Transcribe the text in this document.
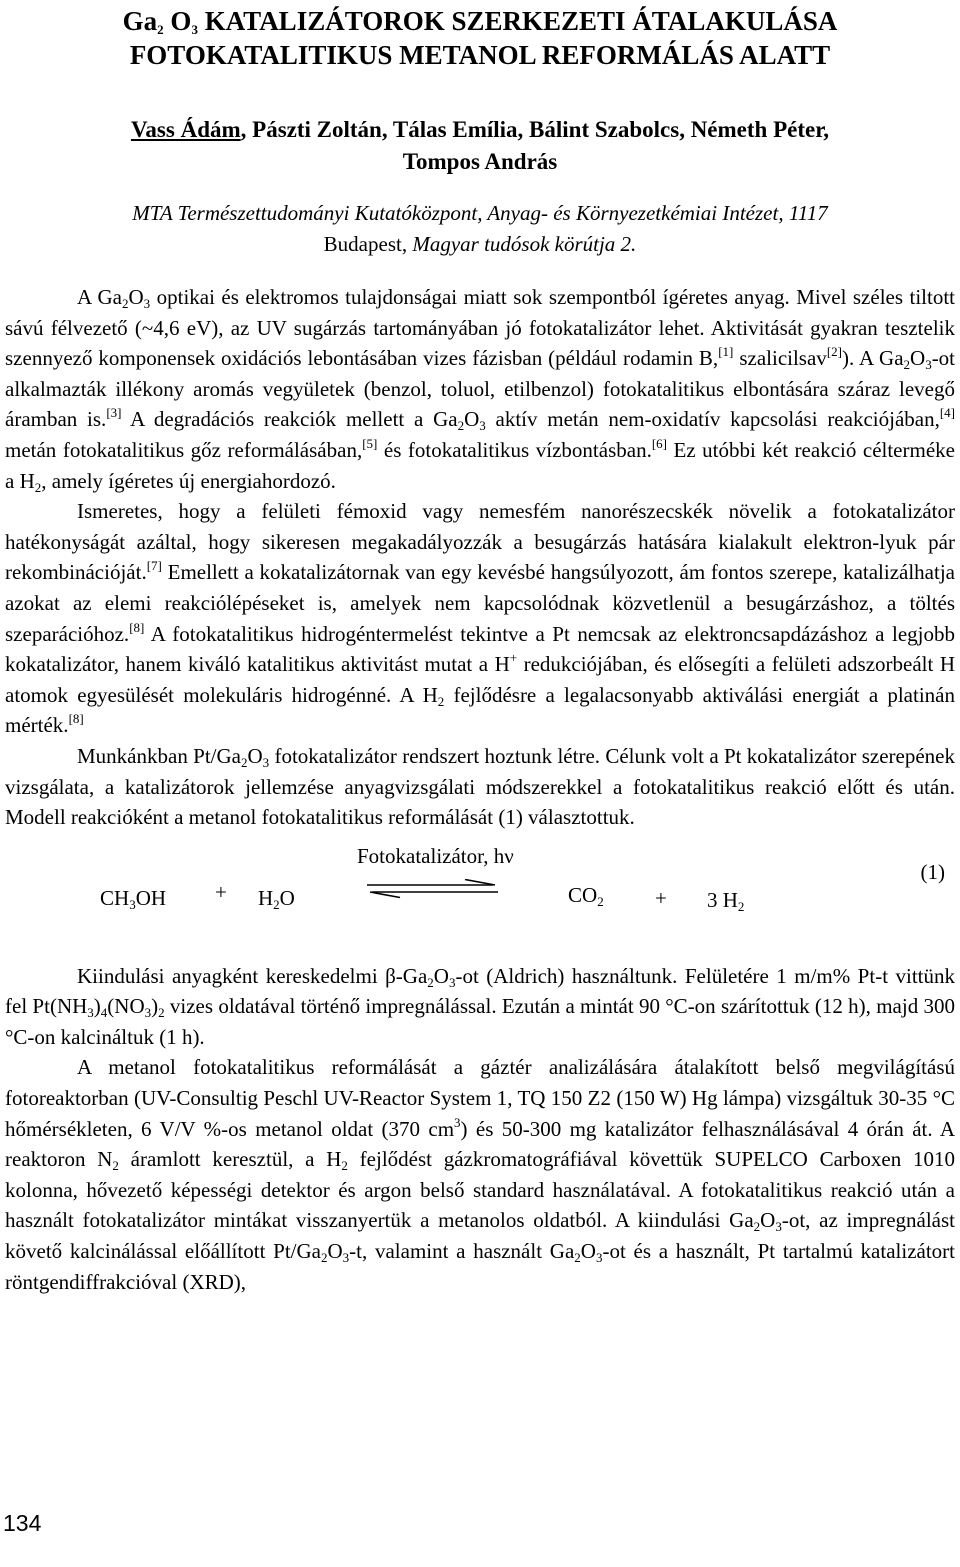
$Ga_2$ $O_3$ KATALIZÁTOROK SZERKEZETI ÁTALAKULÁSA
FOTOKATALITIKUS METANOL REFORMÁLÁS ALATT
Vass Ádám, Pászti Zoltán, Tálas Emília, Bálint Szabolcs, Németh Péter,
Tompos András
MTA Természettudományi Kutatóközpont, Anyag- és Környezetkémiai Intézet, 1117
Budapest, Magyar tudósok körútja 2.

A $Ga_2O_3$ optikai és elektromos tulajdonságai miatt sok szempontból ígéretes anyag. Mivel széles tiltott sávú félvezető (~4,6 eV), az UV sugárzás tartományában jó fotokatalizátor lehet. Aktivitását gyakran tesztelik szennyező komponensek oxidációs lebontásában vizes fázisban (például rodamin B,[1] szalicilsav[2]). A $Ga_2O_3-ot$ alkalmazták illékony aromás vegyületek (benzol, toluol, etilbenzol) fotokatalitikus elbontására száraz levegő áramban is.[3] A degradációs reakciók mellett a $Ga_2O_3$ aktív metán nem-oxidatív kapcsolási reakciójában,[4] metán fotokatalitikus gőz reformálásában,[5] és fotokatalitikus vízbontásban.[6] Ez utóbbi két reakció célterméke a $H_2$, amely ígéretes új energiahordozó.

Ismeretes, hogy a felületi fémoxid vagy nemesfém nanorészecskék növelik a fotokatalizátor hatékonyságát azáltal, hogy sikeresen megakadályozzák a besugárzás hatására kialakult elektron-lyuk pár rekombinációját.[7] Emellett a kokatalizátornak van egy kevésbé hangsúlyozott, ám fontos szerepe, katalizálhatja azokat az elemi reakciólépéseket is, amelyek nem kapcsolódnak közvetlenül a besugárzáshoz, a töltés szeparációhoz.[8] A fotokatalitikus hidrogéntermelést tekintve a Pt nemcsak az elektroncsapdázáshoz a legjobb kokatalizátor, hanem kiváló katalitikus aktivitást mutat a H+ redukciójában, és elősegíti a felületi adszorbeált H atomok egyesülését molekuláris hidrogénné. A $H_2$ fejlődésre a legalacsonyabb aktiválási energiát a platinán mérték.[8]

Munkánkban $Pt/Ga_2O_3$ fotokatalizátor rendszert hoztunk létre. Célunk volt a Pt kokatalizátor szerepének vizsgálata, a katalizátorok jellemzése anyagvizsgálati módszerekkel a fotokatalitikus reakció előtt és után. Modell reakcióként a metanol fotokatalitikus reformálását (1) választottuk.

Fotokatalizátor, hν
$CH_3OH + H_2O$	$CO_2 + 3$ $H_2$
(1)

Kiindulási anyagként kereskedelmi $\beta-Ga_2O_3-ot$ (Aldrich) használtunk. Felületére 1 m/m% Pt-t vittünk fel $Pt(NH_3)_4(NO_3)_2$ vizes oldatával történő impregnálással. Ezután a mintát 90 °C-on szárítottuk (12 h), majd 300 °C-on kalcináltuk (1 h).

A metanol fotokatalitikus reformálását a gáztér analizálására átalakított belső megvilágítású fotoreaktorban (UV-Consultig Peschl UV-Reactor System 1, TQ 150 Z2 (150 W) Hg lámpa) vizsgáltuk 30-35 °C hőmérsékleten, 6 V/V %-os metanol oldat (370 $cm^3$) és 50-300 mg katalizátor felhasználásával 4 órán át. A reaktoron $N_2$ áramlott keresztül, a $H_2$ fejlődést gázkromatográfiával követtük SUPELCO Carboxen 1010 kolonna, hővezető képességi detektor és argon belső standard használatával. A fotokatalitikus reakció után a használt fotokatalizátor mintákat visszanyertük a metanolos oldatból. A kiindulási $Ga_2O_3-ot$, az impregnálást követő kalcinálással előállított $Pt/Ga_2O_3-t$, valamint a használt $Ga_2O_3-ot$ és a használt, Pt tartalmú katalizátort röntgendiffrakcióval (XRD),

134
